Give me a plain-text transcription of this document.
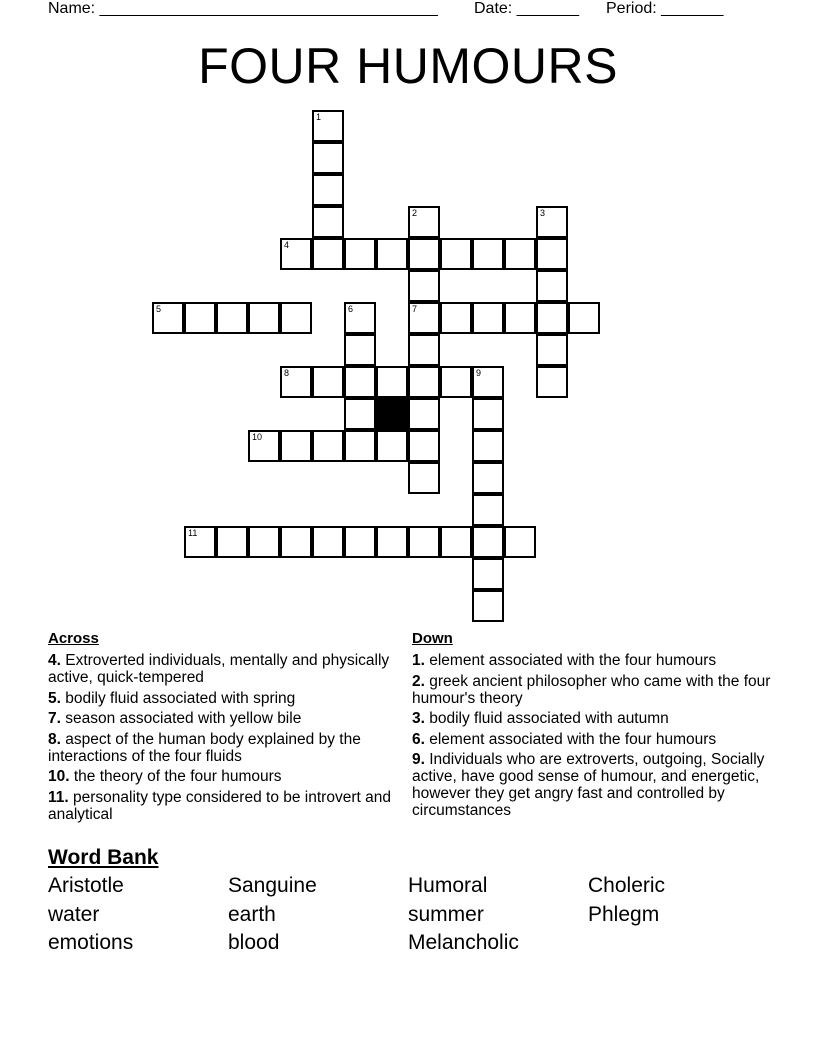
Name: ______________________________________ Date: _______ Period: _______
FOUR HUMOURS
1
2	3
4
5	6	7
8	9
10
11
Across
4. Extroverted individuals, mentally and physically active, quick-tempered
5. bodily fluid associated with spring
7. season associated with yellow bile
8. aspect of the human body explained by the interactions of the four fluids
10. the theory of the four humours
11. personality type considered to be introvert and analytical
Down
1. element associated with the four humours
2. greek ancient philosopher who came with the four humour's theory
3. bodily fluid associated with autumn
6. element associated with the four humours
9. Individuals who are extroverts, outgoing, Socially active, have good sense of humour, and energetic, however they get angry fast and controlled by circumstances
Word Bank
Aristotle	Sanguine	Humoral	Choleric
water	earth	summer	Phlegm
emotions	blood	Melancholic
